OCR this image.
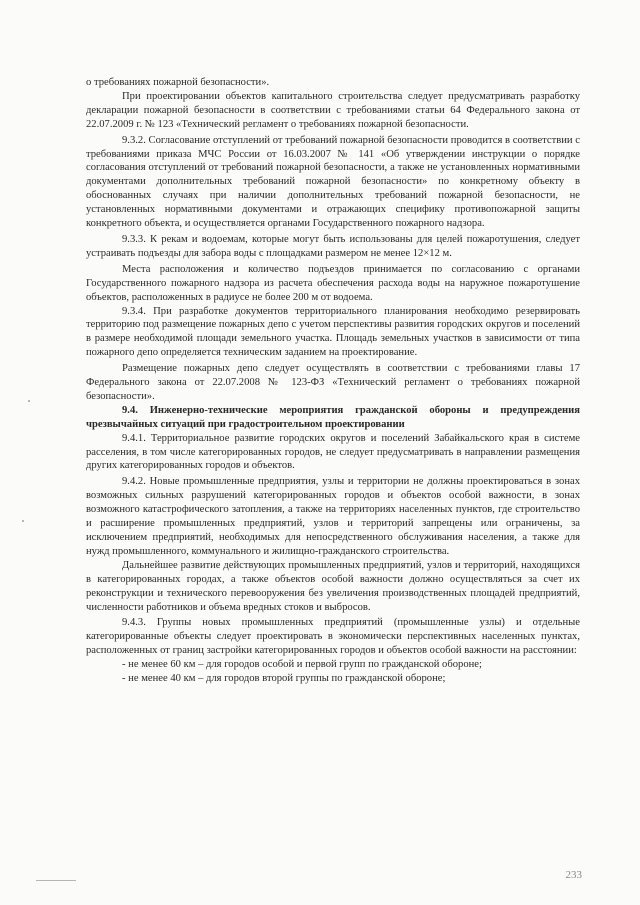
о требованиях пожарной безопасности».

При проектировании объектов капитального строительства следует предусматривать разработку декларации пожарной безопасности в соответствии с требованиями статьи 64 Федерального закона от 22.07.2009 г. № 123 «Технический регламент о требованиях пожарной безопасности.

9.3.2. Согласование отступлений от требований пожарной безопасности проводится в соответствии с требованиями приказа МЧС России от 16.03.2007 № 141 «Об утверждении инструкции о порядке согласования отступлений от требований пожарной безопасности, а также не установленных нормативными документами дополнительных требований пожарной безопасности» по конкретному объекту в обоснованных случаях при наличии дополнительных требований пожарной безопасности, не установленных нормативными документами и отражающих специфику противопожарной защиты конкретного объекта, и осуществляется органами Государственного пожарного надзора.

9.3.3. К рекам и водоемам, которые могут быть использованы для целей пожаротушения, следует устраивать подъезды для забора воды с площадками размером не менее 12×12 м.

Места расположения и количество подъездов принимается по согласованию с органами Государственного пожарного надзора из расчета обеспечения расхода воды на наружное пожаротушение объектов, расположенных в радиусе не более 200 м от водоема.

9.3.4. При разработке документов территориального планирования необходимо резервировать территорию под размещение пожарных депо с учетом перспективы развития городских округов и поселений в размере необходимой площади земельного участка. Площадь земельных участков в зависимости от типа пожарного депо определяется техническим заданием на проектирование.

Размещение пожарных депо следует осуществлять в соответствии с требованиями главы 17 Федерального закона от 22.07.2008 № 123-ФЗ «Технический регламент о требованиях пожарной безопасности».

9.4. Инженерно-технические мероприятия гражданской обороны и предупреждения чрезвычайных ситуаций при градостроительном проектировании

9.4.1. Территориальное развитие городских округов и поселений Забайкальского края в системе расселения, в том числе категорированных городов, не следует предусматривать в направлении размещения других категорированных городов и объектов.

9.4.2. Новые промышленные предприятия, узлы и территории не должны проектироваться в зонах возможных сильных разрушений категорированных городов и объектов особой важности, в зонах возможного катастрофического затопления, а также на территориях населенных пунктов, где строительство и расширение промышленных предприятий, узлов и территорий запрещены или ограничены, за исключением предприятий, необходимых для непосредственного обслуживания населения, а также для нужд промышленного, коммунального и жилищно-гражданского строительства.

Дальнейшее развитие действующих промышленных предприятий, узлов и территорий, находящихся в категорированных городах, а также объектов особой важности должно осуществляться за счет их реконструкции и технического перевооружения без увеличения производственных площадей предприятий, численности работников и объема вредных стоков и выбросов.

9.4.3. Группы новых промышленных предприятий (промышленные узлы) и отдельные категорированные объекты следует проектировать в экономически перспективных населенных пунктах, расположенных от границ застройки категорированных городов и объектов особой важности на расстоянии:

- не менее 60 км – для городов особой и первой групп по гражданской обороне;

- не менее 40 км – для городов второй группы по гражданской обороне;

233
